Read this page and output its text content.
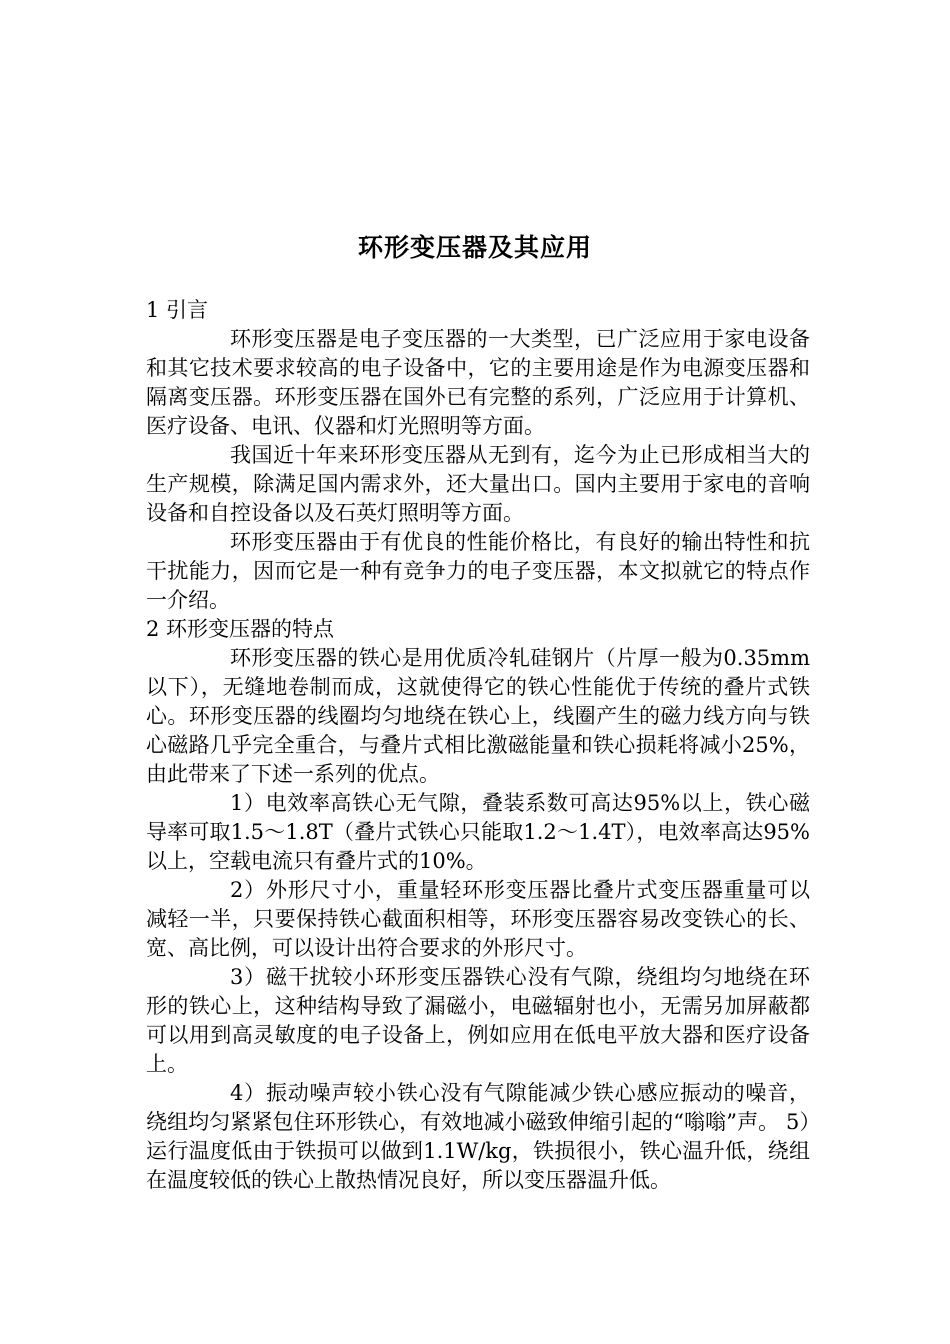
环形变压器及其应用

1 引言

环形变压器是电子变压器的一大类型，已广泛应用于家电设备和其它技术要求较高的电子设备中，它的主要用途是作为电源变压器和隔离变压器。环形变压器在国外已有完整的系列，广泛应用于计算机、医疗设备、电讯、仪器和灯光照明等方面。

我国近十年来环形变压器从无到有，迄今为止已形成相当大的生产规模，除满足国内需求外，还大量出口。国内主要用于家电的音响设备和自控设备以及石英灯照明等方面。

环形变压器由于有优良的性能价格比，有良好的输出特性和抗干扰能力，因而它是一种有竞争力的电子变压器，本文拟就它的特点作一介绍。

2 环形变压器的特点

环形变压器的铁心是用优质冷轧硅钢片（片厚一般为0.35mm以下），无缝地卷制而成，这就使得它的铁心性能优于传统的叠片式铁心。环形变压器的线圈均匀地绕在铁心上，线圈产生的磁力线方向与铁心磁路几乎完全重合，与叠片式相比激磁能量和铁心损耗将减小25%，由此带来了下述一系列的优点。

1）电效率高铁心无气隙，叠装系数可高达95%以上，铁心磁导率可取1.5～1.8T（叠片式铁心只能取1.2～1.4T），电效率高达95%以上，空载电流只有叠片式的10%。

2）外形尺寸小，重量轻环形变压器比叠片式变压器重量可以减轻一半，只要保持铁心截面积相等，环形变压器容易改变铁心的长、宽、高比例，可以设计出符合要求的外形尺寸。

3）磁干扰较小环形变压器铁心没有气隙，绕组均匀地绕在环形的铁心上，这种结构导致了漏磁小，电磁辐射也小，无需另加屏蔽都可以用到高灵敏度的电子设备上，例如应用在低电平放大器和医疗设备上。

4）振动噪声较小铁心没有气隙能减少铁心感应振动的噪音，绕组均匀紧紧包住环形铁心，有效地减小磁致伸缩引起的“嗡嗡”声。 5）运行温度低由于铁损可以做到1.1W/kg，铁损很小，铁心温升低，绕组在温度较低的铁心上散热情况良好，所以变压器温升低。
